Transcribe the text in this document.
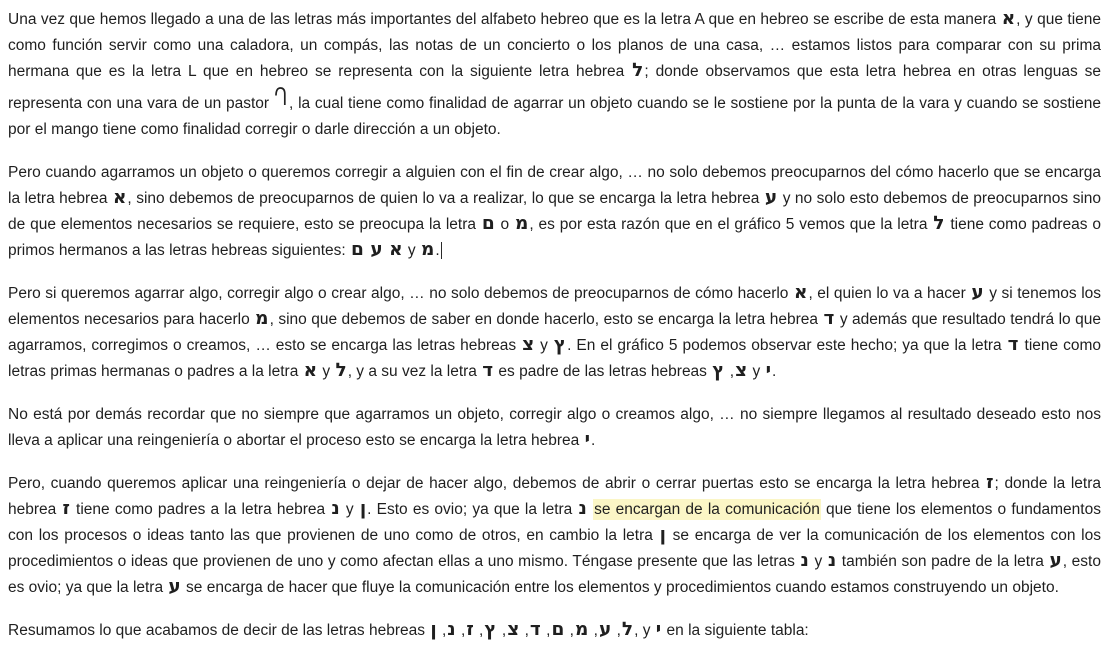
Una vez que hemos llegado a una de las letras más importantes del alfabeto hebreo que es la letra A que en hebreo se escribe de esta manera א, y que tiene como función servir como una caladora, un compás, las notas de un concierto o los planos de una casa, … estamos listos para comparar con su prima hermana que es la letra L que en hebreo se representa con la siguiente letra hebrea ל; donde observamos que esta letra hebrea en otras lenguas se representa con una vara de un pastor , la cual tiene como finalidad de agarrar un objeto cuando se le sostiene por la punta de la vara y cuando se sostiene por el mango tiene como finalidad corregir o darle dirección a un objeto.

Pero cuando agarramos un objeto o queremos corregir a alguien con el fin de crear algo, … no solo debemos preocuparnos del cómo hacerlo que se encarga la letra hebrea א, sino debemos de preocuparnos de quien lo va a realizar, lo que se encarga la letra hebrea ע y no solo esto debemos de preocuparnos sino de que elementos necesarios se requiere, esto se preocupa la letra ם o מ, es por esta razón que en el gráfico 5 vemos que la letra ל tiene como padreas o primos hermanos a las letras hebreas siguientes: א ע ם y מ.

Pero si queremos agarrar algo, corregir algo o crear algo, … no solo debemos de preocuparnos de cómo hacerlo א, el quien lo va a hacer ע y si tenemos los elementos necesarios para hacerlo מ, sino que debemos de saber en donde hacerlo, esto se encarga la letra hebrea ד y además que resultado tendrá lo que agarramos, corregimos o creamos, … esto se encarga las letras hebreas צ y ץ. En el gráfico 5 podemos observar este hecho; ya que la letra ד tiene como letras primas hermanas o padres a la letra א y ל, y a su vez la letra ד es padre de las letras hebreas צ, ץ y י.

No está por demás recordar que no siempre que agarramos un objeto, corregir algo o creamos algo, … no siempre llegamos al resultado deseado esto nos lleva a aplicar una reingeniería o abortar el proceso esto se encarga la letra hebrea י.

Pero, cuando queremos aplicar una reingeniería o dejar de hacer algo, debemos de abrir o cerrar puertas esto se encarga la letra hebrea ז; donde la letra hebrea ז tiene como padres a la letra hebrea נ y ן. Esto es ovio; ya que la letra נ se encargan de la comunicación que tiene los elementos o fundamentos con los procesos o ideas tanto las que provienen de uno como de otros, en cambio la letra ן se encarga de ver la comunicación de los elementos con los procedimientos o ideas que provienen de uno y como afectan ellas a uno mismo. Téngase presente que las letras נ y נ también son padre de la letra ע, esto es ovio; ya que la letra ע se encarga de hacer que fluye la comunicación entre los elementos y procedimientos cuando estamos construyendo un objeto.

Resumamos lo que acabamos de decir de las letras hebreas	ל, ע, מ, ם, ד, צ, ץ, ז, נ, ן	, y י en la siguiente tabla:
